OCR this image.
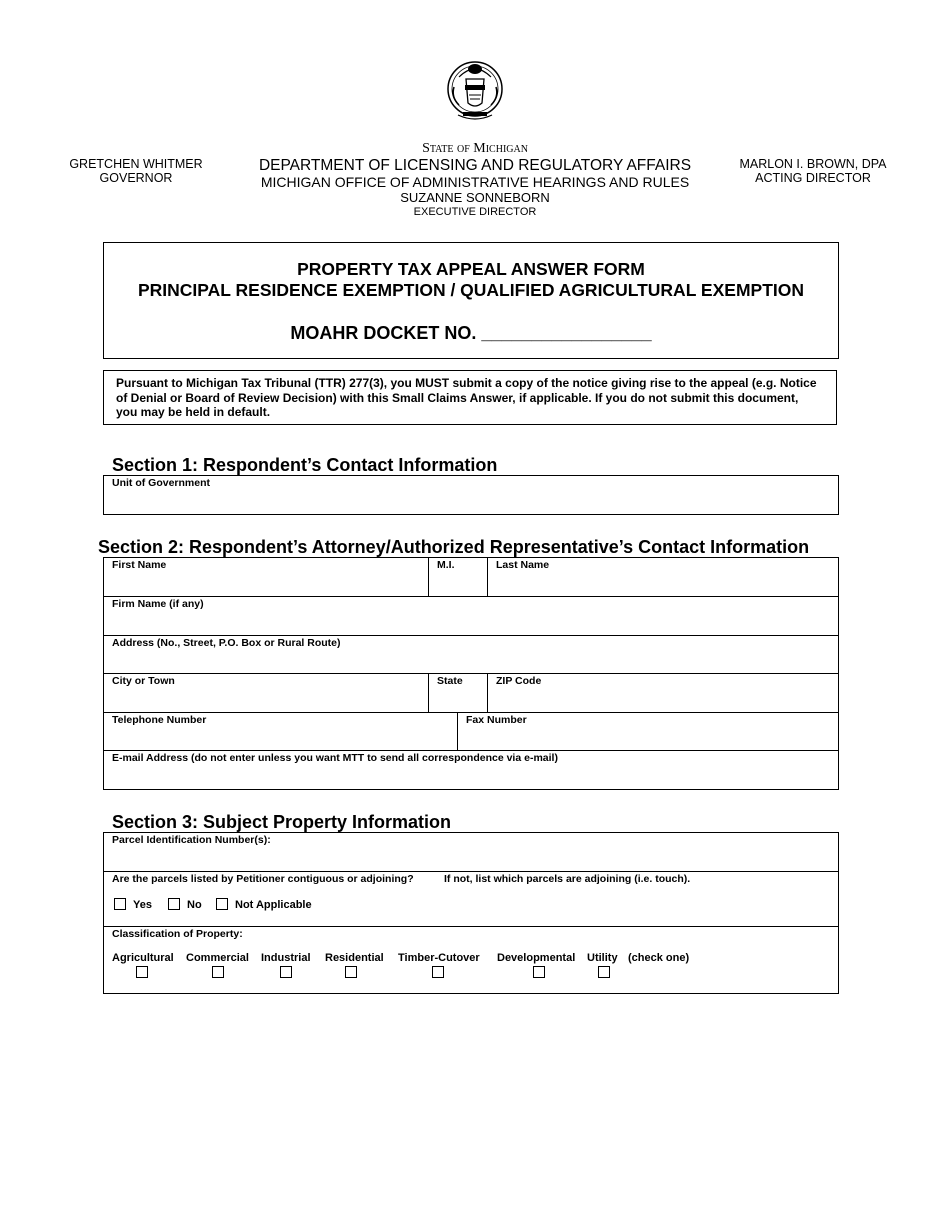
GRETCHEN WHITMER
GOVERNOR
State of Michigan
DEPARTMENT OF LICENSING AND REGULATORY AFFAIRS
MICHIGAN OFFICE OF ADMINISTRATIVE HEARINGS AND RULES
SUZANNE SONNEBORN
EXECUTIVE DIRECTOR
MARLON I. BROWN, DPA
ACTING DIRECTOR
PROPERTY TAX APPEAL ANSWER FORM
PRINCIPAL RESIDENCE EXEMPTION / QUALIFIED AGRICULTURAL EXEMPTION
MOAHR DOCKET NO. _________________
Pursuant to Michigan Tax Tribunal (TTR) 277(3), you MUST submit a copy of the notice giving rise to the appeal (e.g. Notice of Denial or Board of Review Decision) with this Small Claims Answer, if applicable. If you do not submit this document, you may be held in default.
Section 1: Respondent’s Contact Information
Unit of Government
Section 2: Respondent’s Attorney/Authorized Representative’s Contact Information
First Name	M.I.	Last Name
Firm Name (if any)
Address (No., Street, P.O. Box or Rural Route)
City or Town	State	ZIP Code
Telephone Number	Fax Number
E-mail Address (do not enter unless you want MTT to send all correspondence via e-mail)
Section 3: Subject Property Information
Parcel Identification Number(s):
Are the parcels listed by Petitioner contiguous or adjoining?	If not, list which parcels are adjoining (i.e. touch).
Yes	No	Not Applicable
Classification of Property:
Agricultural Commercial Industrial Residential Timber-Cutover Developmental Utility (check one)
